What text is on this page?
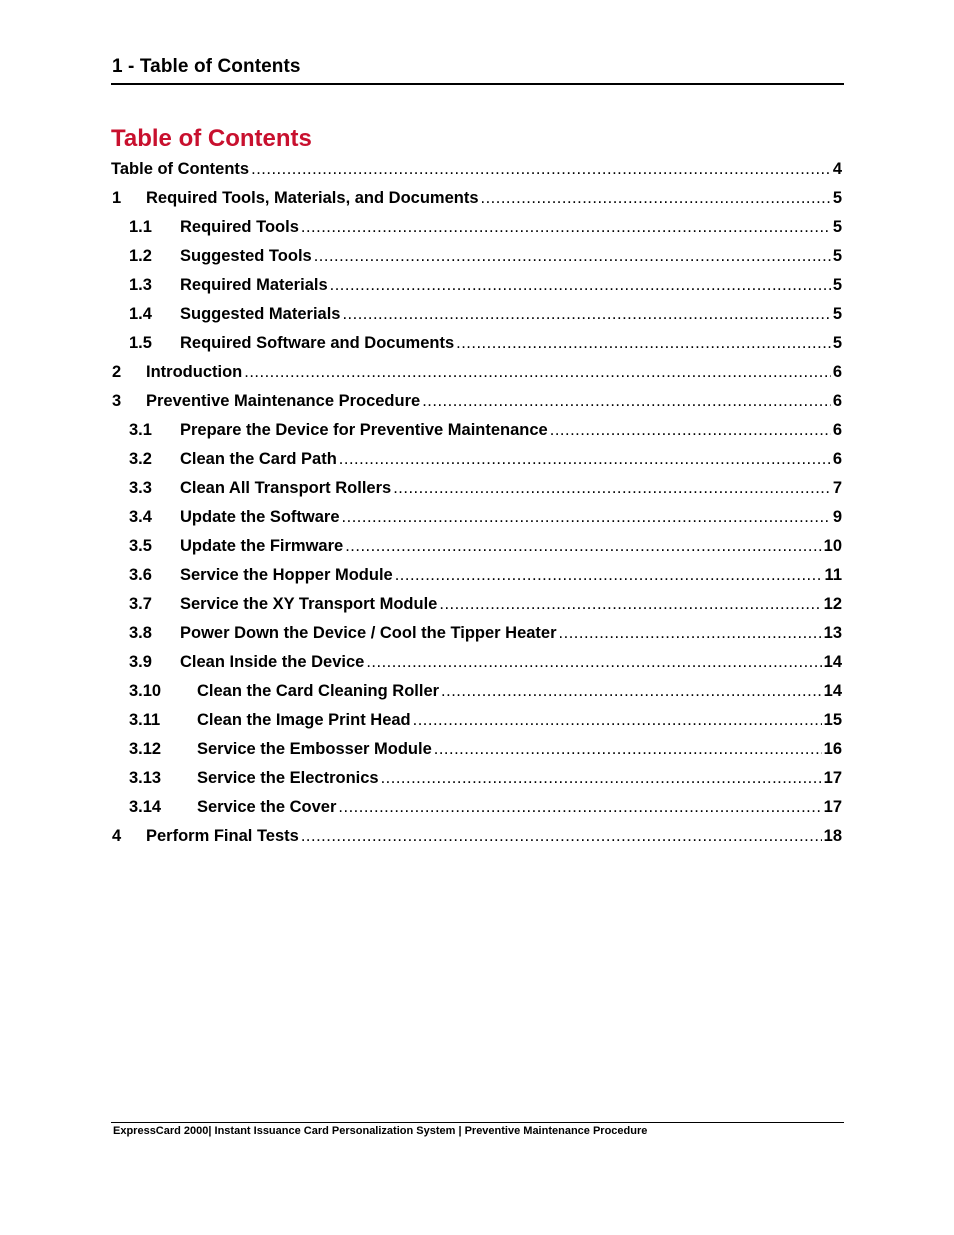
1 - Table of Contents
Table of Contents
Table of Contents .....	4
1 Required Tools, Materials, and Documents .....	5
1.1 Required Tools .....	5
1.2 Suggested Tools .....	5
1.3 Required Materials .....	5
1.4 Suggested Materials .....	5
1.5 Required Software and Documents .....	5
2 Introduction .....	6
3 Preventive Maintenance Procedure .....	6
3.1 Prepare the Device for Preventive Maintenance .....	6
3.2 Clean the Card Path .....	6
3.3 Clean All Transport Rollers .....	7
3.4 Update the Software .....	9
3.5 Update the Firmware .....	10
3.6 Service the Hopper Module .....	11
3.7 Service the XY Transport Module .....	12
3.8 Power Down the Device / Cool the Tipper Heater .....	13
3.9 Clean Inside the Device .....	14
3.10 Clean the Card Cleaning Roller .....	14
3.11 Clean the Image Print Head .....	15
3.12 Service the Embosser Module .....	16
3.13 Service the Electronics .....	17
3.14 Service the Cover .....	17
4 Perform Final Tests .....	18
ExpressCard 2000| Instant Issuance Card Personalization System | Preventive Maintenance Procedure
